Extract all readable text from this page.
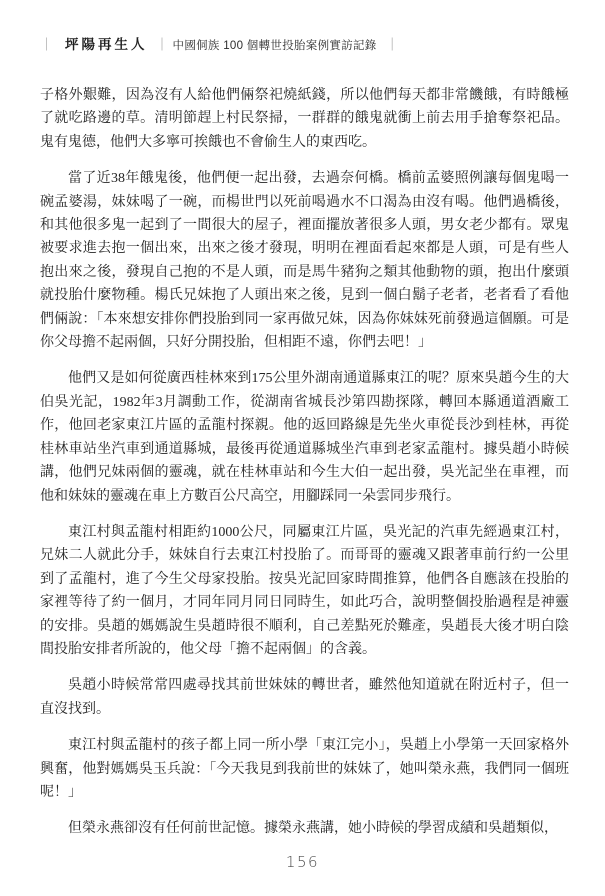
｜ 坪陽再生人 ｜ 中國侗族 100 個轉世投胎案例實訪記錄 ｜

子格外艱難，因為沒有人給他們倆祭祀燒紙錢，所以他們每天都非常饑餓，有時餓極了就吃路邊的草。清明節趕上村民祭掃，一群群的餓鬼就衝上前去用手搶奪祭祀品。鬼有鬼德，他們大多寧可挨餓也不會偷生人的東西吃。

當了近38年餓鬼後，他們便一起出發，去過奈何橋。橋前孟婆照例讓每個鬼喝一碗孟婆湯，妹妹喝了一碗，而楊世門以死前喝過水不口渴為由沒有喝。他們過橋後，和其他很多鬼一起到了一間很大的屋子，裡面擺放著很多人頭，男女老少都有。眾鬼被要求進去抱一個出來，出來之後才發現，明明在裡面看起來都是人頭，可是有些人抱出來之後，發現自己抱的不是人頭，而是馬牛豬狗之類其他動物的頭，抱出什麼頭就投胎什麼物種。楊氏兄妹抱了人頭出來之後，見到一個白鬍子老者，老者看了看他們倆說：「本來想安排你們投胎到同一家再做兄妹，因為你妹妹死前發過這個願。可是你父母擔不起兩個，只好分開投胎，但相距不遠，你們去吧！」

他們又是如何從廣西桂林來到175公里外湖南通道縣東江的呢？原來吳趙今生的大伯吳光記，1982年3月調動工作，從湖南省城長沙第四勘探隊，轉回本縣通道酒廠工作，他回老家東江片區的孟龍村探親。他的返回路線是先坐火車從長沙到桂林，再從桂林車站坐汽車到通道縣城，最後再從通道縣城坐汽車到老家孟龍村。據吳趙小時候講，他們兄妹兩個的靈魂，就在桂林車站和今生大伯一起出發，吳光記坐在車裡，而他和妹妹的靈魂在車上方數百公尺高空，用腳踩同一朵雲同步飛行。

東江村與孟龍村相距約1000公尺，同屬東江片區，吳光記的汽車先經過東江村，兄妹二人就此分手，妹妹自行去東江村投胎了。而哥哥的靈魂又跟著車前行約一公里到了孟龍村，進了今生父母家投胎。按吳光記回家時間推算，他們各自應該在投胎的家裡等待了約一個月，才同年同月同日同時生，如此巧合，說明整個投胎過程是神靈的安排。吳趙的媽媽說生吳趙時很不順利，自己差點死於難產，吳趙長大後才明白陰間投胎安排者所說的，他父母「擔不起兩個」的含義。

吳趙小時候常常四處尋找其前世妹妹的轉世者，雖然他知道就在附近村子，但一直沒找到。

東江村與孟龍村的孩子都上同一所小學「東江完小」，吳趙上小學第一天回家格外興奮，他對媽媽吳玉兵說：「今天我見到我前世的妹妹了，她叫榮永燕，我們同一個班呢！」

但榮永燕卻沒有任何前世記憶。據榮永燕講，她小時候的學習成績和吳趙類似，

156
